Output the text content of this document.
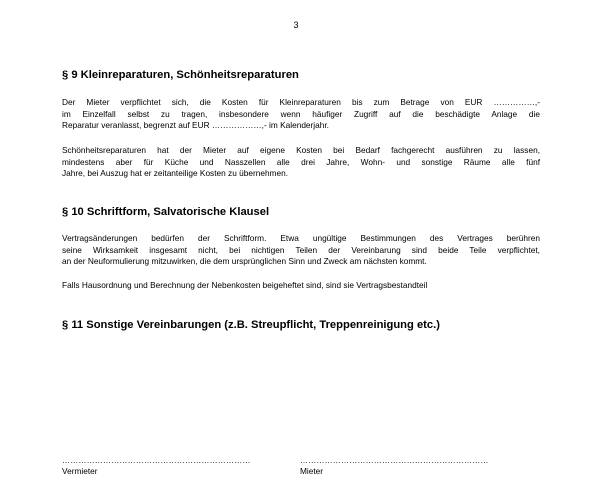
3
§ 9 Kleinreparaturen, Schönheitsreparaturen
Der Mieter verpflichtet sich, die Kosten für Kleinreparaturen bis zum Betrage von EUR ……………,-
im Einzelfall selbst zu tragen, insbesondere wenn häufiger Zugriff auf die beschädigte Anlage die
Reparatur veranlasst, begrenzt auf EUR ………………,- im Kalenderjahr.
Schönheitsreparaturen hat der Mieter auf eigene Kosten bei Bedarf fachgerecht ausführen zu lassen,
mindestens aber für Küche und Nasszellen alle drei Jahre, Wohn- und sonstige Räume alle fünf
Jahre, bei Auszug hat er zeitanteilige Kosten zu übernehmen.
§ 10 Schriftform, Salvatorische Klausel
Vertragsänderungen bedürfen der Schriftform. Etwa ungültige Bestimmungen des Vertrages berühren
seine Wirksamkeit insgesamt nicht, bei nichtigen Teilen der Vereinbarung sind beide Teile verpflichtet,
an der Neuformulierung mitzuwirken, die dem ursprünglichen Sinn und Zweck am nächsten kommt.
Falls Hausordnung und Berechnung der Nebenkosten beigeheftet sind, sind sie Vertragsbestandteil
§ 11 Sonstige Vereinbarungen (z.B. Streupflicht, Treppenreinigung etc.)
……………………………………………………………
Vermieter
……………………………………………………………
Mieter
